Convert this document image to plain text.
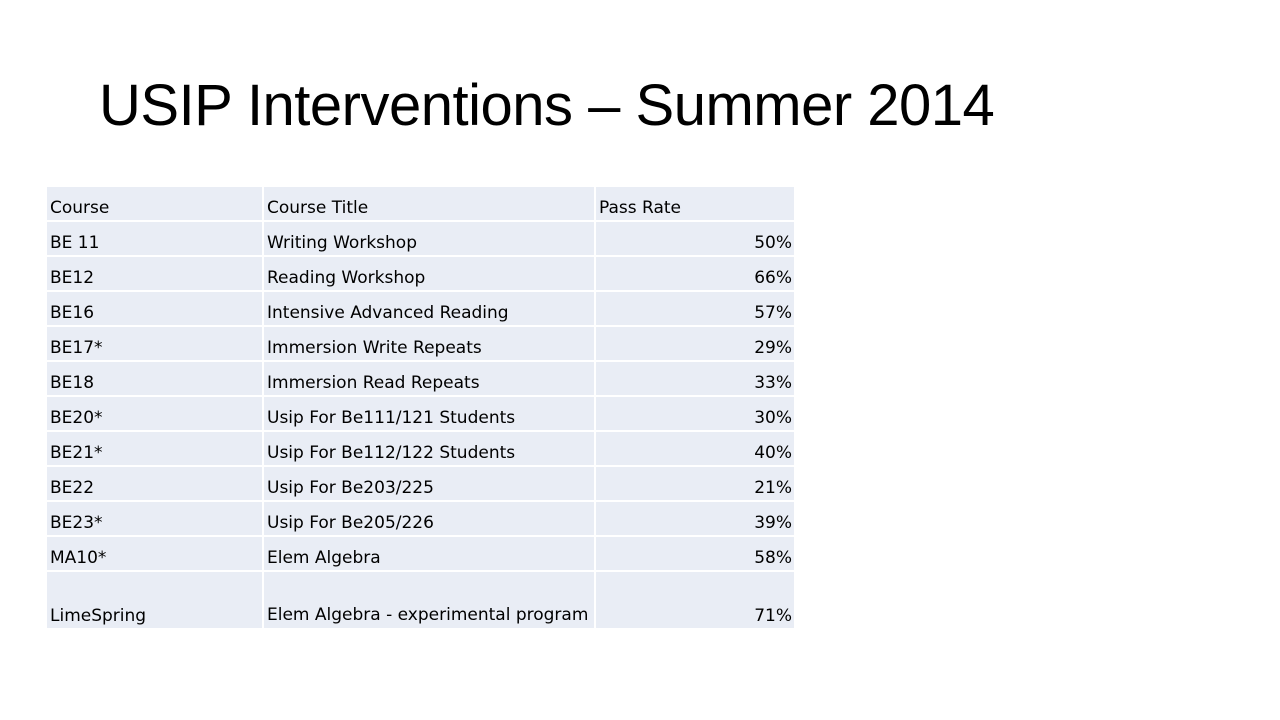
USIP Interventions – Summer 2014
Course	Course Title	Pass Rate
BE 11	Writing Workshop	50%
BE12	Reading Workshop	66%
BE16	Intensive Advanced Reading	57%
BE17*	Immersion Write Repeats	29%
BE18	Immersion Read Repeats	33%
BE20*	Usip For Be111/121 Students	30%
BE21*	Usip For Be112/122 Students	40%
BE22	Usip For Be203/225	21%
BE23*	Usip For Be205/226	39%
MA10*	Elem Algebra	58%
LimeSpring	Elem Algebra - experimental program	71%
